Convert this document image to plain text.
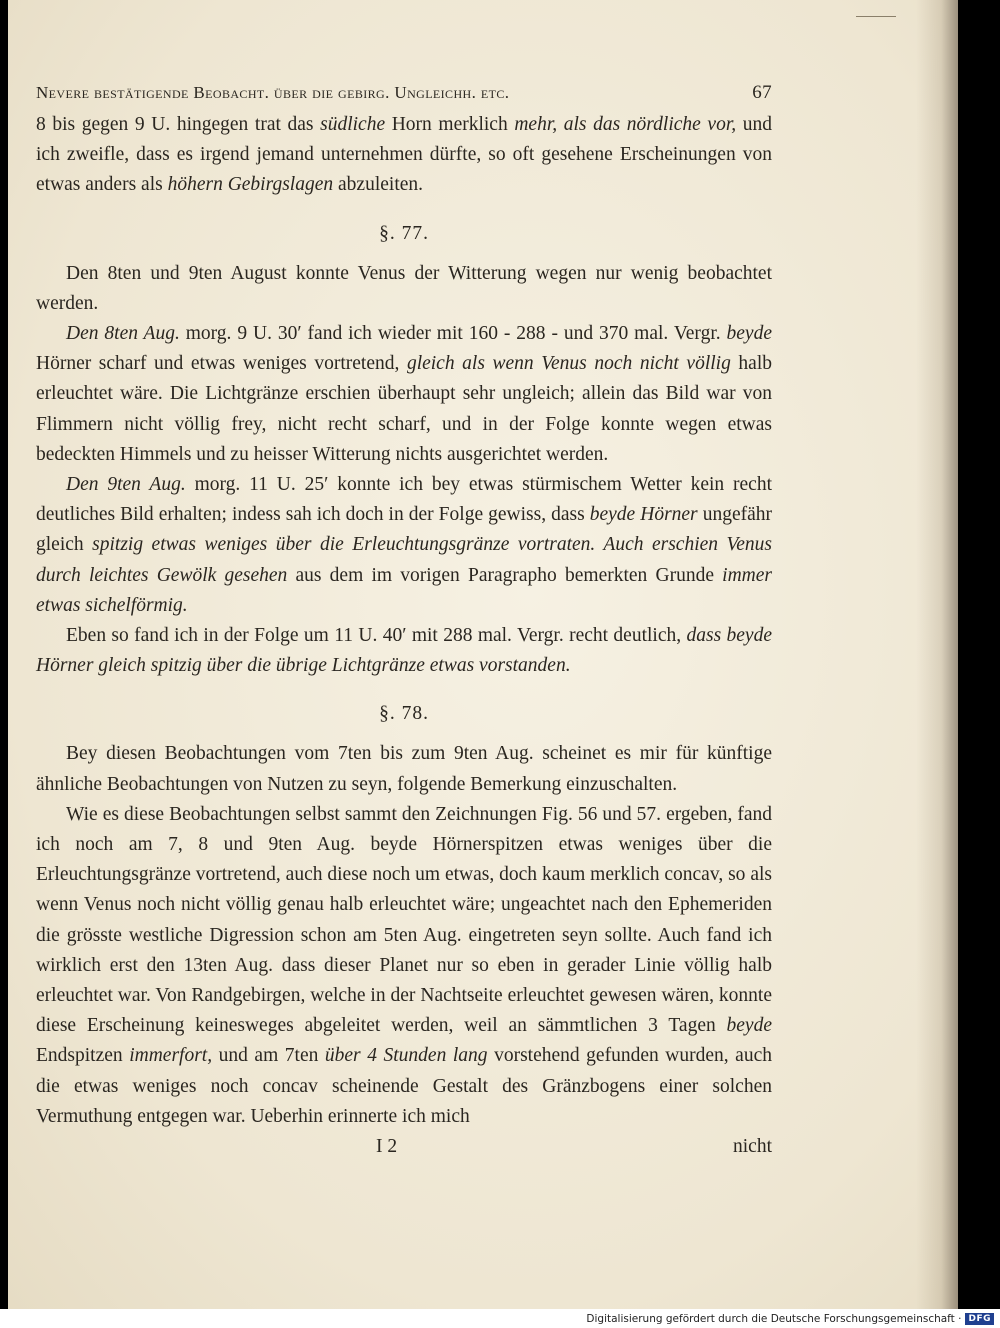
Nevere bestätigende Beobacht. über die gebirg. Ungleichh. etc.	67

8 bis gegen 9 U. hingegen trat das südliche Horn merklich mehr, als das nördliche vor, und ich zweifle, dass es irgend jemand unternehmen dürfte, so oft gesehene Erscheinungen von etwas anders als höhern Gebirgslagen abzuleiten.

§. 77.

Den 8ten und 9ten August konnte Venus der Witterung wegen nur wenig beobachtet werden.

Den 8ten Aug. morg. 9 U. 30′ fand ich wieder mit 160 - 288 - und 370 mal. Vergr. beyde Hörner scharf und etwas weniges vortretend, gleich als wenn Venus noch nicht völlig halb erleuchtet wäre. Die Lichtgränze erschien überhaupt sehr ungleich; allein das Bild war von Flimmern nicht völlig frey, nicht recht scharf, und in der Folge konnte wegen etwas bedeckten Himmels und zu heisser Witterung nichts ausgerichtet werden.

Den 9ten Aug. morg. 11 U. 25′ konnte ich bey etwas stürmischem Wetter kein recht deutliches Bild erhalten; indess sah ich doch in der Folge gewiss, dass beyde Hörner ungefähr gleich spitzig etwas weniges über die Erleuchtungsgränze vortraten. Auch erschien Venus durch leichtes Gewölk gesehen aus dem im vorigen Paragrapho bemerkten Grunde immer etwas sichelförmig.

Eben so fand ich in der Folge um 11 U. 40′ mit 288 mal. Vergr. recht deutlich, dass beyde Hörner gleich spitzig über die übrige Lichtgränze etwas vorstanden.

§. 78.

Bey diesen Beobachtungen vom 7ten bis zum 9ten Aug. scheinet es mir für künftige ähnliche Beobachtungen von Nutzen zu seyn, folgende Bemerkung einzuschalten.

Wie es diese Beobachtungen selbst sammt den Zeichnungen Fig. 56 und 57. ergeben, fand ich noch am 7, 8 und 9ten Aug. beyde Hörnerspitzen etwas weniges über die Erleuchtungsgränze vortretend, auch diese noch um etwas, doch kaum merklich concav, so als wenn Venus noch nicht völlig genau halb erleuchtet wäre; ungeachtet nach den Ephemeriden die grösste westliche Digression schon am 5ten Aug. eingetreten seyn sollte. Auch fand ich wirklich erst den 13ten Aug. dass dieser Planet nur so eben in gerader Linie völlig halb erleuchtet war. Von Randgebirgen, welche in der Nachtseite erleuchtet gewesen wären, konnte diese Erscheinung keinesweges abgeleitet werden, weil an sämmtlichen 3 Tagen beyde Endspitzen immerfort, und am 7ten über 4 Stunden lang vorstehend gefunden wurden, auch die etwas weniges noch concav scheinende Gestalt des Gränzbogens einer solchen Vermuthung entgegen war. Ueberhin erinnerte ich mich

I 2	nicht
Digitalisierung gefördert durch die Deutsche Forschungsgemeinschaft · DFG
